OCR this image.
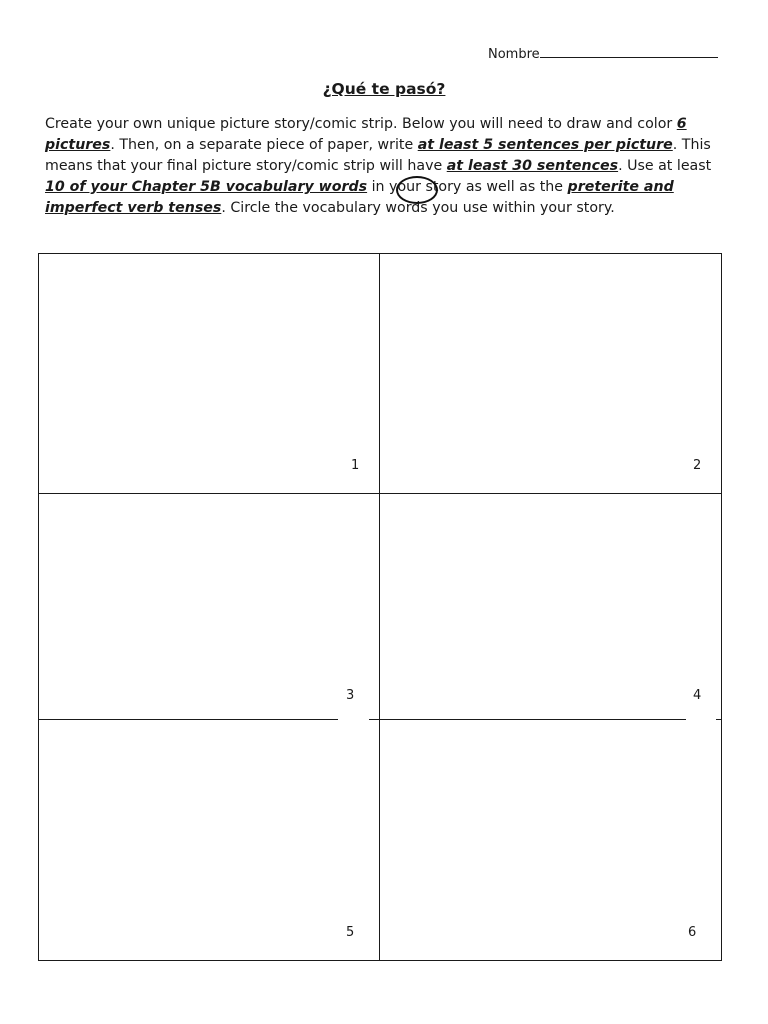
Nombre
¿Qué te pasó?

Create your own unique picture story/comic strip. Below you will need to draw and color 6 pictures. Then, on a separate piece of paper, write at least 5 sentences per picture. This means that your final picture story/comic strip will have at least 30 sentences. Use at least 10 of your Chapter 5B vocabulary words in your story as well as the preterite and imperfect verb tenses. Circle the vocabulary words you use within your story.

1	2
3	4
5	6
